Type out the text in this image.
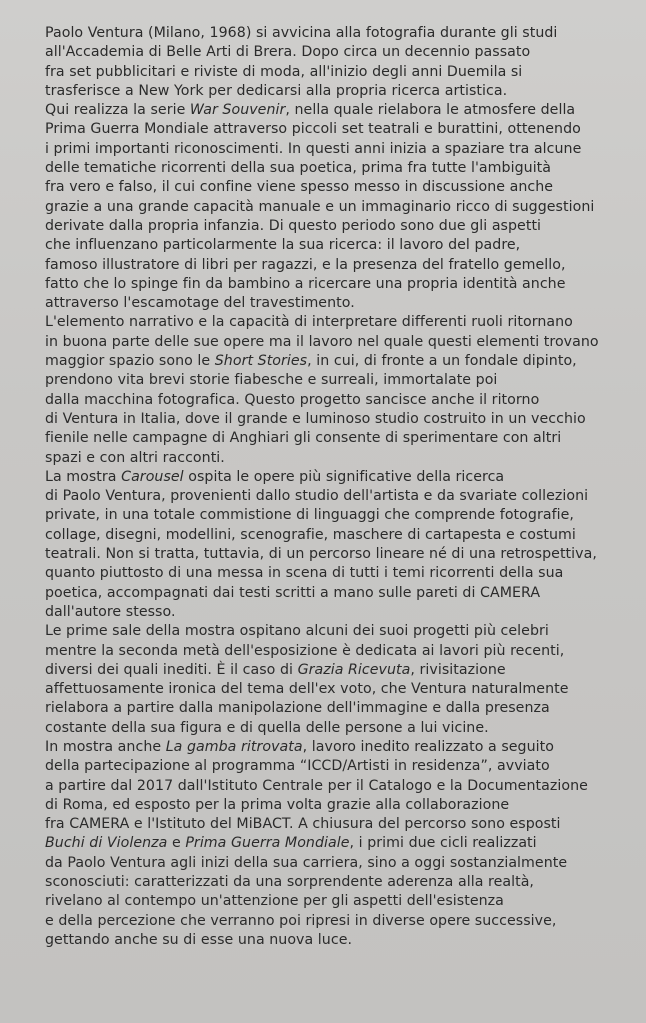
Paolo Ventura (Milano, 1968) si avvicina alla fotografia durante gli studi
all'Accademia di Belle Arti di Brera. Dopo circa un decennio passato
fra set pubblicitari e riviste di moda, all'inizio degli anni Duemila si
trasferisce a New York per dedicarsi alla propria ricerca artistica.
Qui realizza la serie War Souvenir, nella quale rielabora le atmosfere della
Prima Guerra Mondiale attraverso piccoli set teatrali e burattini, ottenendo
i primi importanti riconoscimenti. In questi anni inizia a spaziare tra alcune
delle tematiche ricorrenti della sua poetica, prima fra tutte l'ambiguità
fra vero e falso, il cui confine viene spesso messo in discussione anche
grazie a una grande capacità manuale e un immaginario ricco di suggestioni
derivate dalla propria infanzia. Di questo periodo sono due gli aspetti
che influenzano particolarmente la sua ricerca: il lavoro del padre,
famoso illustratore di libri per ragazzi, e la presenza del fratello gemello,
fatto che lo spinge fin da bambino a ricercare una propria identità anche
attraverso l'escamotage del travestimento.
L'elemento narrativo e la capacità di interpretare differenti ruoli ritornano
in buona parte delle sue opere ma il lavoro nel quale questi elementi trovano
maggior spazio sono le Short Stories, in cui, di fronte a un fondale dipinto,
prendono vita brevi storie fiabesche e surreali, immortalate poi
dalla macchina fotografica. Questo progetto sancisce anche il ritorno
di Ventura in Italia, dove il grande e luminoso studio costruito in un vecchio
fienile nelle campagne di Anghiari gli consente di sperimentare con altri
spazi e con altri racconti.
La mostra Carousel ospita le opere più significative della ricerca
di Paolo Ventura, provenienti dallo studio dell'artista e da svariate collezioni
private, in una totale commistione di linguaggi che comprende fotografie,
collage, disegni, modellini, scenografie, maschere di cartapesta e costumi
teatrali. Non si tratta, tuttavia, di un percorso lineare né di una retrospettiva,
quanto piuttosto di una messa in scena di tutti i temi ricorrenti della sua
poetica, accompagnati dai testi scritti a mano sulle pareti di CAMERA
dall'autore stesso.
Le prime sale della mostra ospitano alcuni dei suoi progetti più celebri
mentre la seconda metà dell'esposizione è dedicata ai lavori più recenti,
diversi dei quali inediti. È il caso di Grazia Ricevuta, rivisitazione
affettuosamente ironica del tema dell'ex voto, che Ventura naturalmente
rielabora a partire dalla manipolazione dell'immagine e dalla presenza
costante della sua figura e di quella delle persone a lui vicine.
In mostra anche La gamba ritrovata, lavoro inedito realizzato a seguito
della partecipazione al programma “ICCD/Artisti in residenza”, avviato
a partire dal 2017 dall'Istituto Centrale per il Catalogo e la Documentazione
di Roma, ed esposto per la prima volta grazie alla collaborazione
fra CAMERA e l'Istituto del MiBACT. A chiusura del percorso sono esposti
Buchi di Violenza e Prima Guerra Mondiale, i primi due cicli realizzati
da Paolo Ventura agli inizi della sua carriera, sino a oggi sostanzialmente
sconosciuti: caratterizzati da una sorprendente aderenza alla realtà,
rivelano al contempo un'attenzione per gli aspetti dell'esistenza
e della percezione che verranno poi ripresi in diverse opere successive,
gettando anche su di esse una nuova luce.
